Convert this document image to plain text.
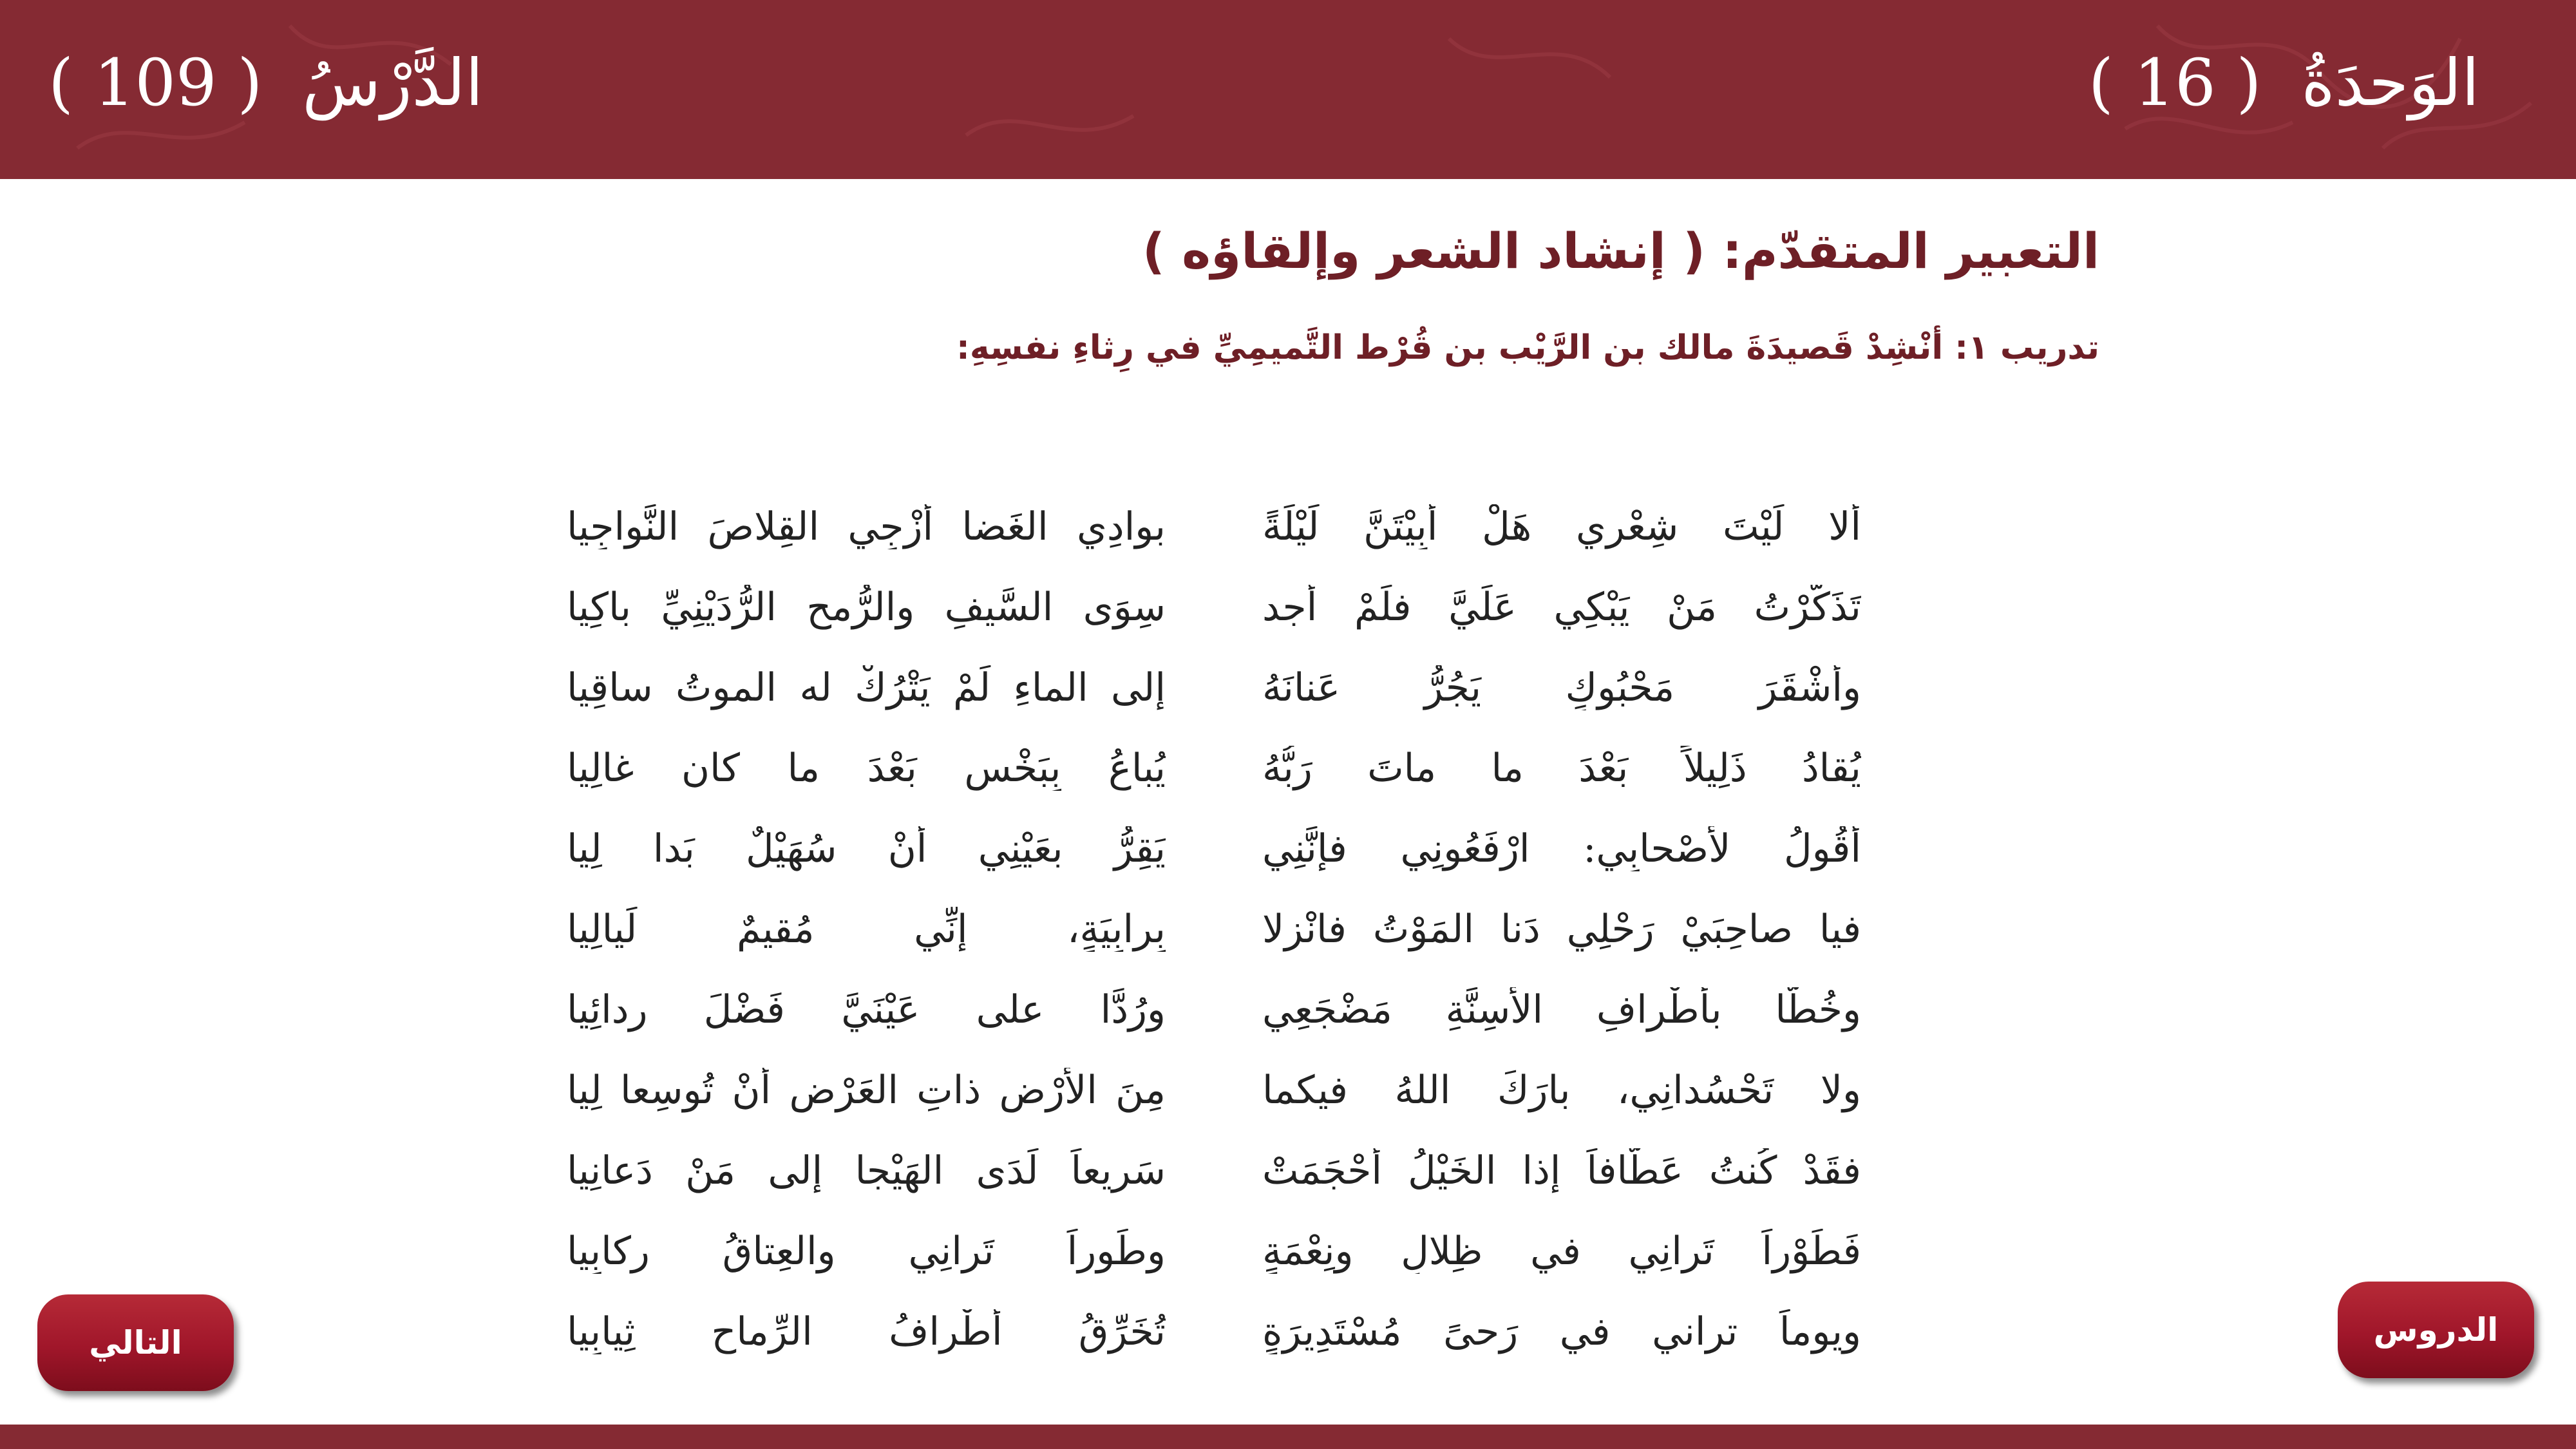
الوَحدَةُ ( 16 )
الدَّرْسُ ( 109 )
التعبير المتقدّم: ( إنشاد الشعر وإلقاؤه )
تدريب ١: أنْشِدْ قَصيدَةَ مالك بن الرَّيْب بن قُرْط التَّميمِيِّ في رِثاءِ نفسِهِ:
ألا لَيْتَ شِعْرِي هَلْ أَبِيْتَنَّ لَيْلَةً
بوادِي الغَضا أُزْجِي القِلاصَ النَّواجِيا
تَذَكَّرْتُ مَنْ يَبْكِي عَلَيَّ فلَمْ أجد
سِوَى السَّيفِ والرُّمحِ الرُّدَيْنِيِّ باكِيا
وأشْقَرَ مَحْبُوكٍ يَجُرُّ عَنانَهُ
إلى الماءِ لَمْ يَتْرُكْ له الموتُ ساقِيا
يُقادُ ذَلِيلاً بَعْدَ ما ماتَ رَبُّهُ
يُباعُ بِبَخْسٍ بَعْدَ ما كان غالِيا
أَقُولُ لأَصْحابِي: ارْفَعُونِي فإنَّنِي
يَقِرُّ بعَيْنِي أَنْ سُهَيْلٌ بَدا لِيا
فيا صاحِبَيْ رَحْلِي دَنا المَوْتُ فانْزِلا
بِرابِيَةٍ، إنِّي مُقيمٌ لَيالِيا
وخُطَّا بأَطْرافِ الأَسِنَّةِ مَضْجَعِي
ورُدَّا على عَيْنَيَّ فَضْلَ رِدائِيا
ولا تَحْسُدانِي، بارَكَ اللهُ فيكما
مِنَ الأَرْضِ ذاتِ العَرْضِ أنْ تُوسِعا لِيا
فقَدْ كُنتُ عَطَّافاً إذا الخَيْلُ أَحْجَمَتْ
سَرِيعاً لَدَى الهَيْجا إلى مَنْ دَعانِيا
فَطَوْراً تَرانِي في ظِلالٍ ونِعْمَةٍ
وطَوراً تَرانِي والعِتاقُ رِكابِيا
ويوماً تراني في رَحىً مُسْتَدِيرَةٍ
تُخَرِّقُ أَطْرافُ الرِّماحِ ثِيابِيا
التالي	الدروس
